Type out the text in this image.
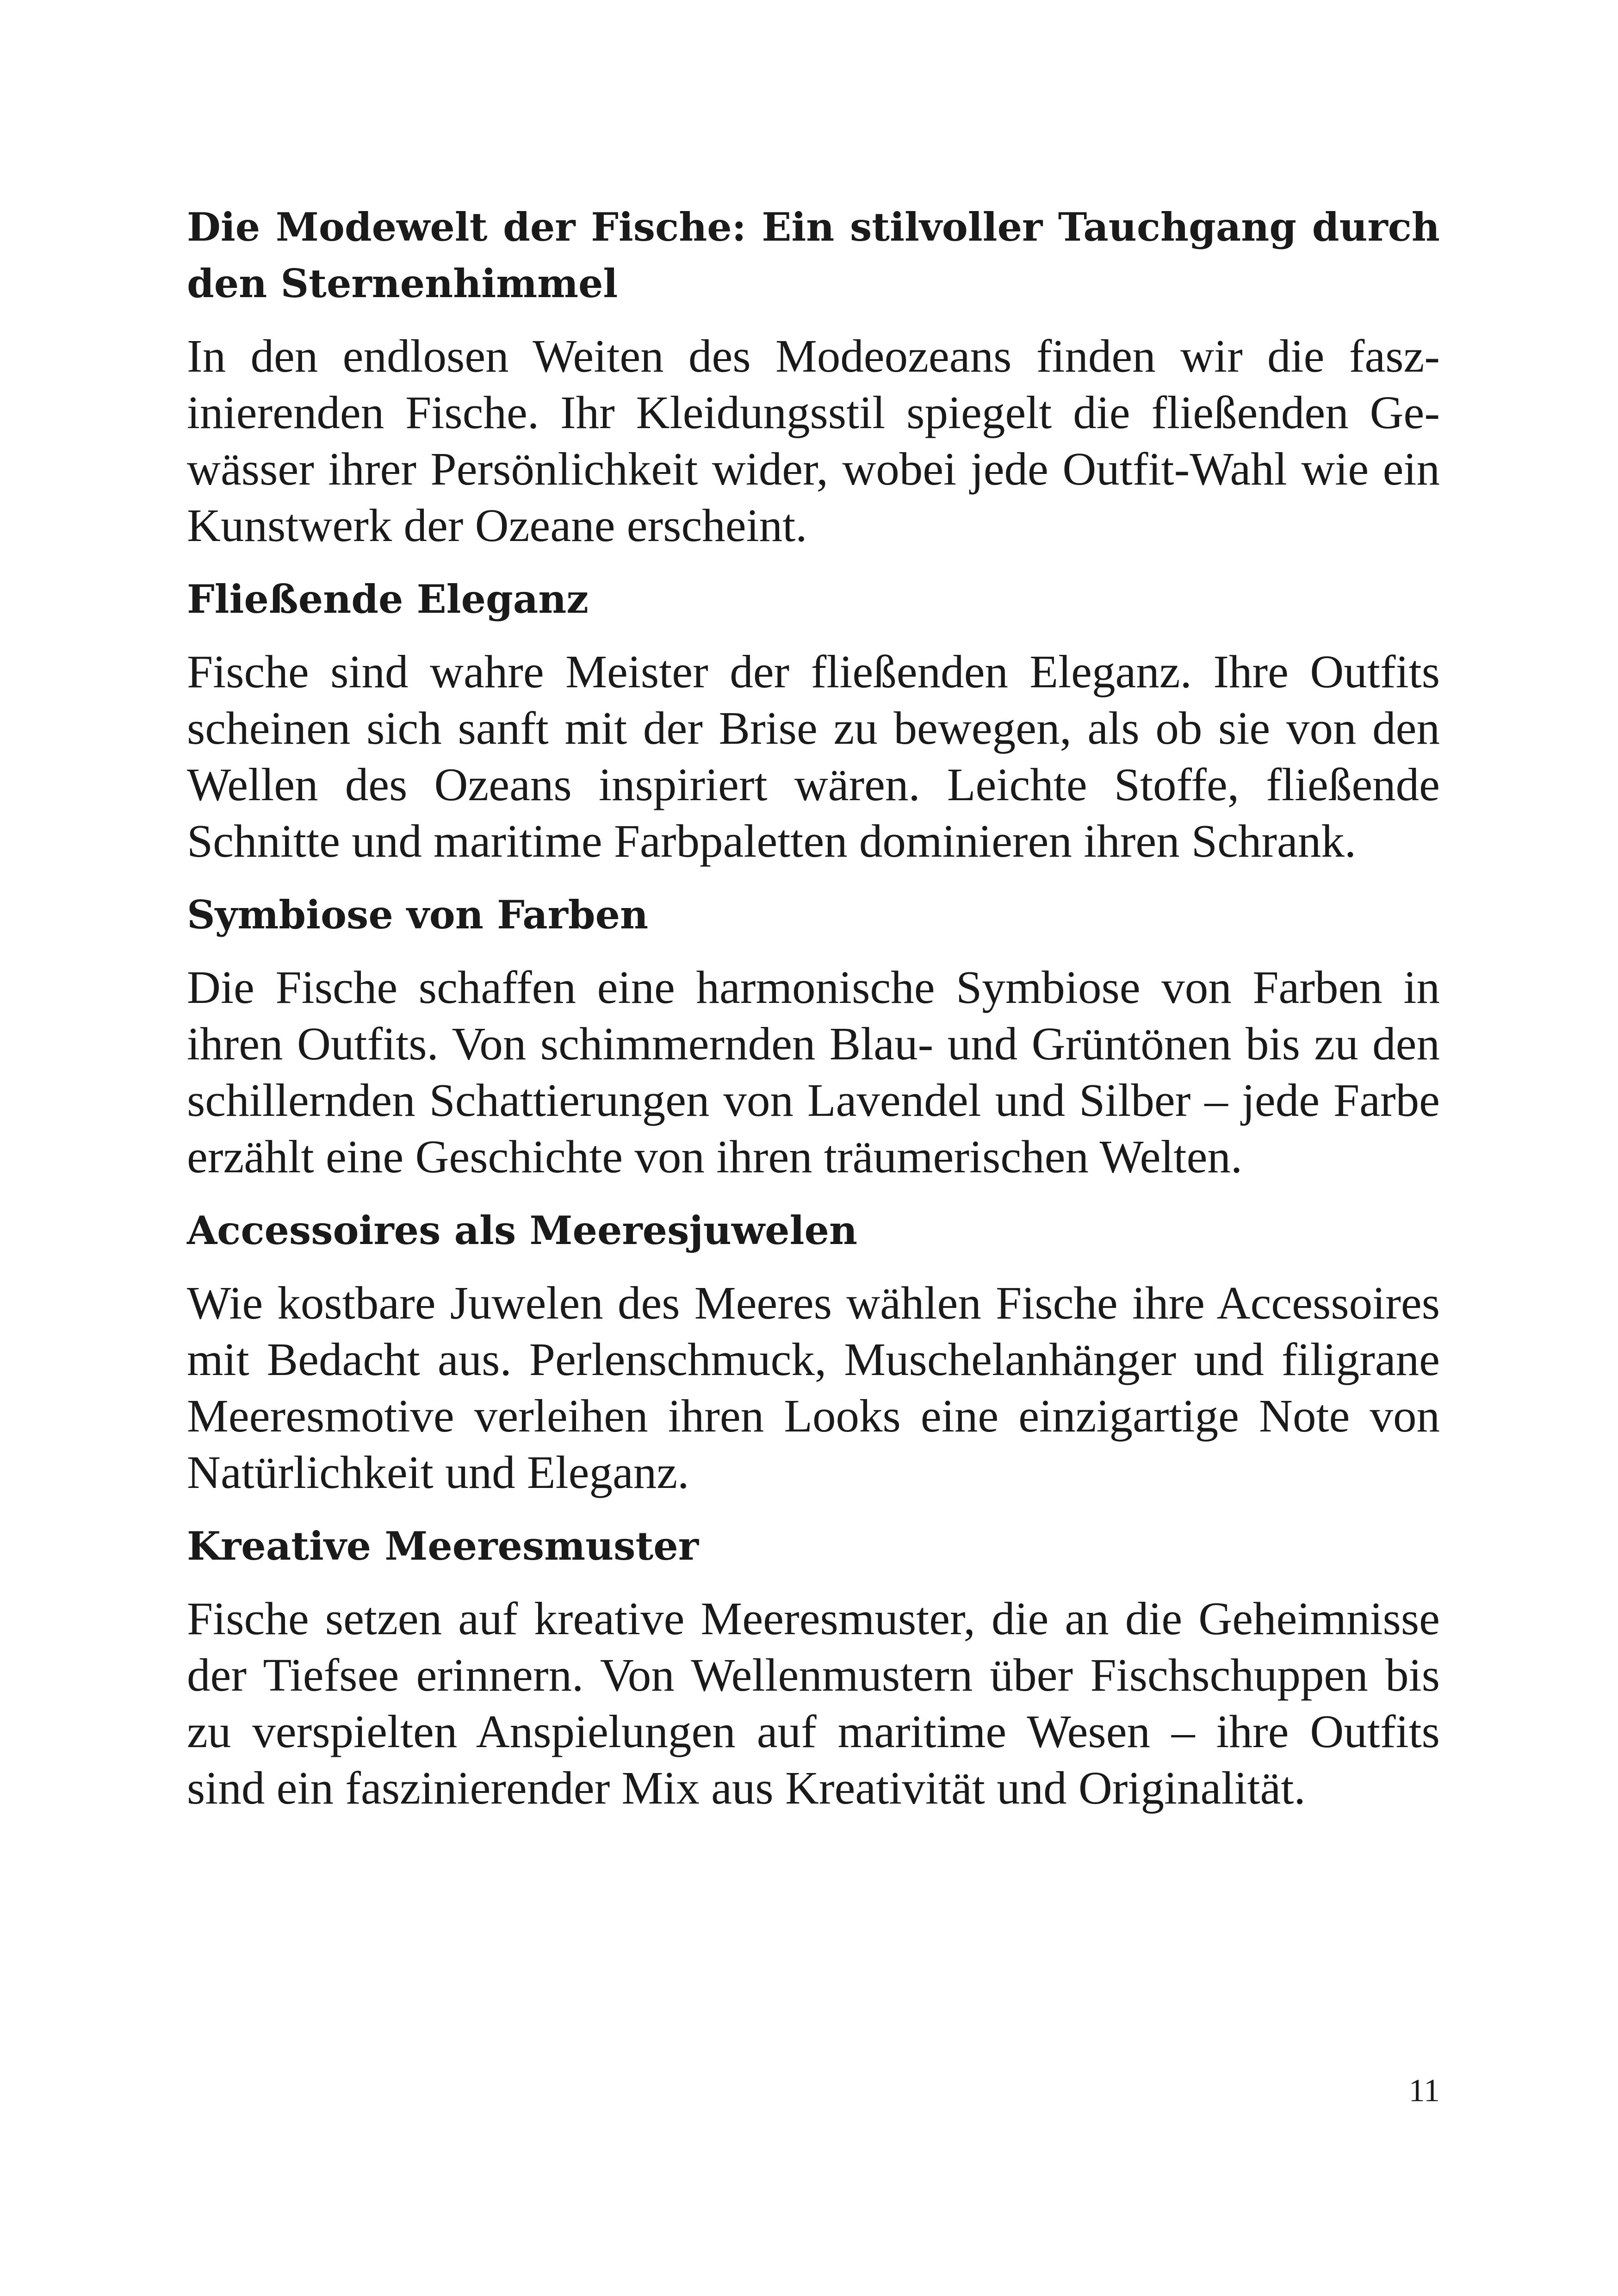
Die Modewelt der Fische: Ein stilvoller Tauchgang durch den Sternenhimmel

In den endlosen Weiten des Modeozeans finden wir die faszinierenden Fische. Ihr Kleidungsstil spiegelt die fließenden Gewässer ihrer Persönlichkeit wider, wobei jede Outfit-Wahl wie ein Kunstwerk der Ozeane erscheint.

Fließende Eleganz

Fische sind wahre Meister der fließenden Eleganz. Ihre Outfits scheinen sich sanft mit der Brise zu bewegen, als ob sie von den Wellen des Ozeans inspiriert wären. Leichte Stoffe, fließende Schnitte und maritime Farbpaletten dominieren ihren Schrank.

Symbiose von Farben

Die Fische schaffen eine harmonische Symbiose von Farben in ihren Outfits. Von schimmernden Blau- und Grüntönen bis zu den schillernden Schattierungen von Lavendel und Silber – jede Farbe erzählt eine Geschichte von ihren träumerischen Welten.

Accessoires als Meeresjuwelen

Wie kostbare Juwelen des Meeres wählen Fische ihre Accessoires mit Bedacht aus. Perlenschmuck, Muschelanhänger und filigrane Meeresmotive verleihen ihren Looks eine einzigartige Note von Natürlichkeit und Eleganz.

Kreative Meeresmuster

Fische setzen auf kreative Meeresmuster, die an die Geheimnisse der Tiefsee erinnern. Von Wellenmustern über Fischschuppen bis zu verspielten Anspielungen auf maritime Wesen – ihre Outfits sind ein faszinierender Mix aus Kreativität und Originalität.

11
